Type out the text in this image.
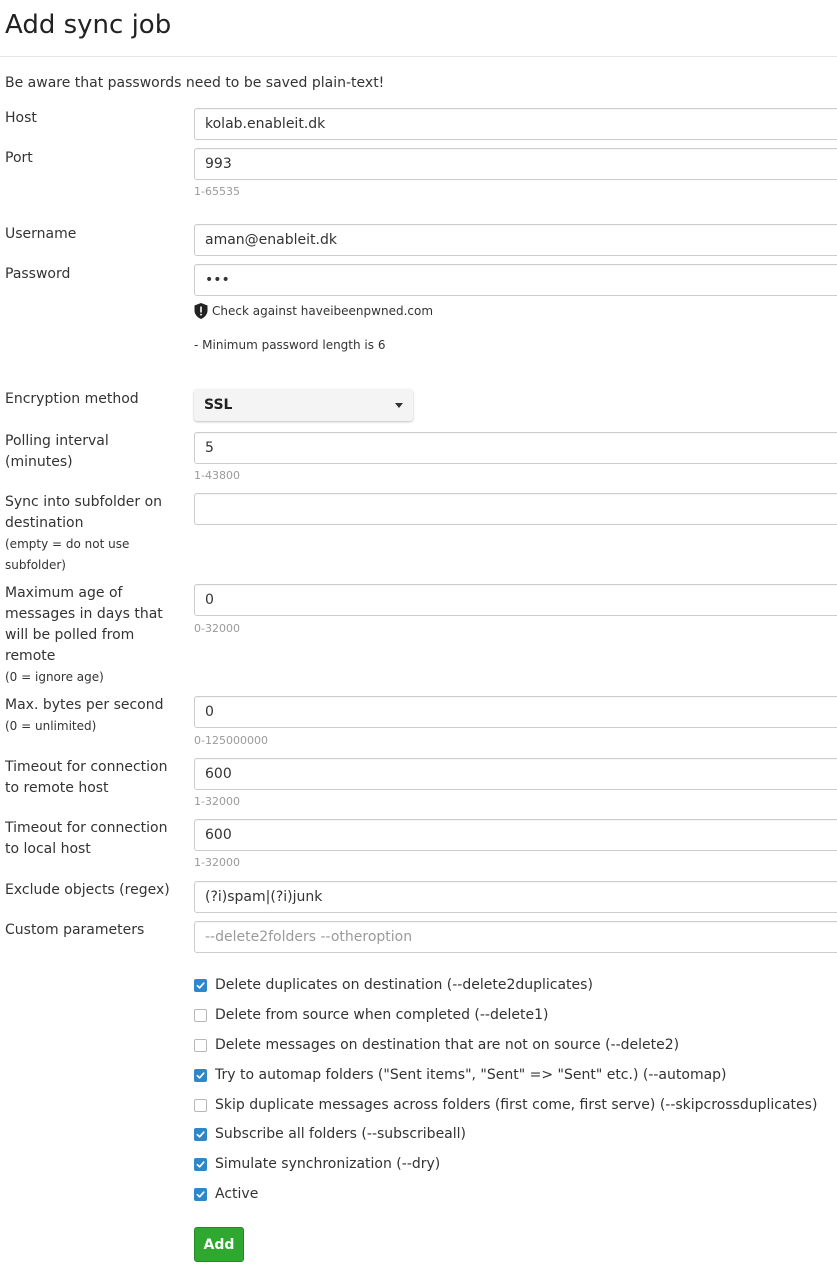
Add sync job
Be aware that passwords need to be saved plain-text!
Host
kolab.enableit.dk
Port
993
1-65535
Username
aman@enableit.dk
Password
•••
Check against haveibeenpwned.com
- Minimum password length is 6
Encryption method	SSL
Polling interval (minutes)
5
1-43800
Sync into subfolder on destination
(empty = do not use subfolder)
Maximum age of messages in days that will be polled from remote
(0 = ignore age)
0
0-32000
Max. bytes per second
(0 = unlimited)
0
0-125000000
Timeout for connection to remote host
600
1-32000
Timeout for connection to local host
600
1-32000
Exclude objects (regex)
(?i)spam|(?i)junk
Custom parameters
--delete2folders --otheroption
Delete duplicates on destination (--delete2duplicates)
Delete from source when completed (--delete1)
Delete messages on destination that are not on source (--delete2)
Try to automap folders ("Sent items", "Sent" => "Sent" etc.) (--automap)
Skip duplicate messages across folders (first come, first serve) (--skipcrossduplicates)
Subscribe all folders (--subscribeall)
Simulate synchronization (--dry)
Active
Add
